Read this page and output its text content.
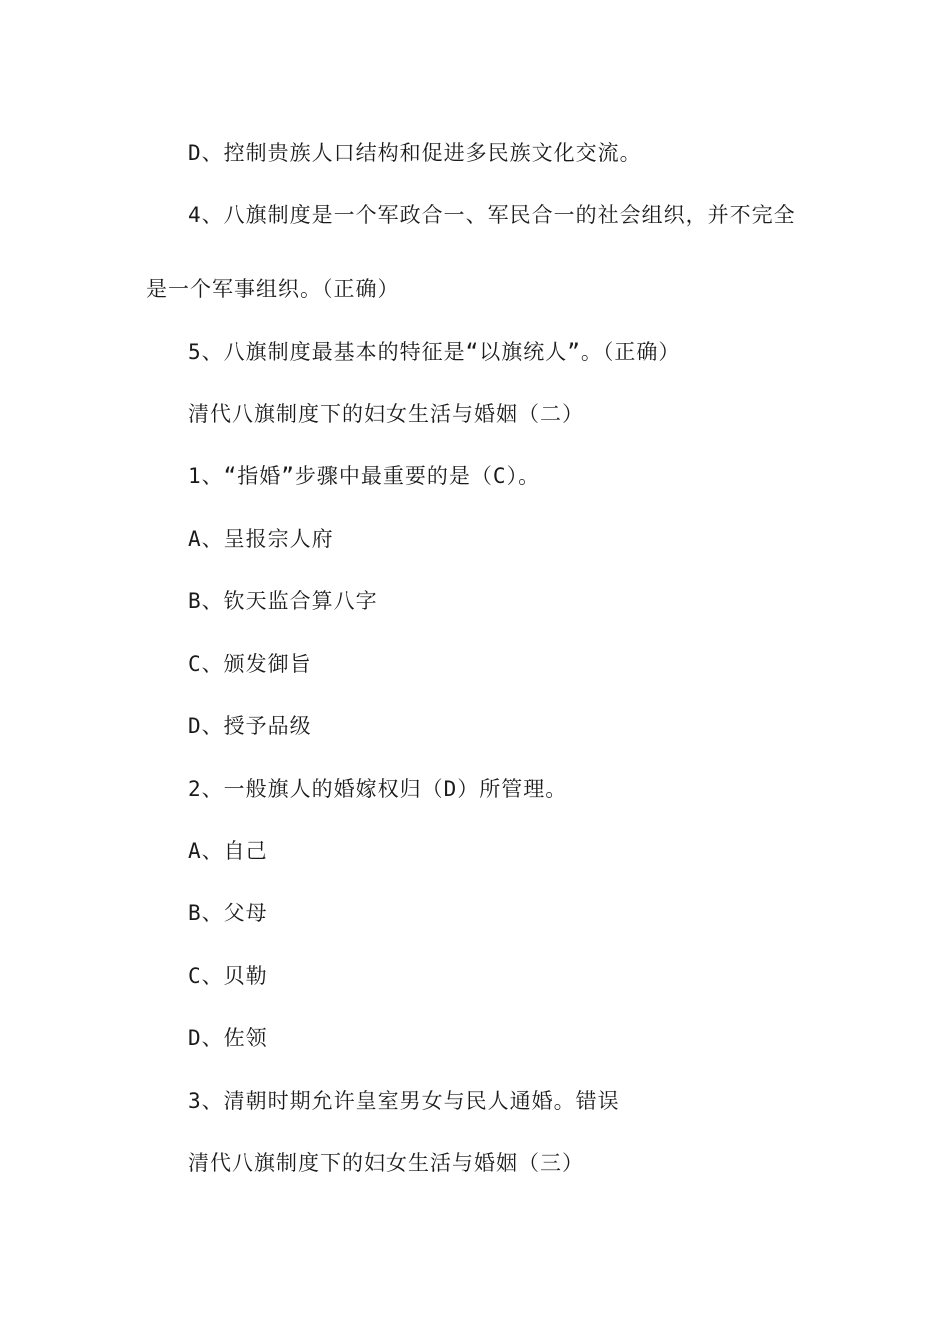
D、控制贵族人口结构和促进多民族文化交流。
4、八旗制度是一个军政合一、军民合一的社会组织，并不完全
是一个军事组织。（正确）
5、八旗制度最基本的特征是“以旗统人”。（正确）
清代八旗制度下的妇女生活与婚姻（二）
1、“指婚”步骤中最重要的是（C）。
A、呈报宗人府
B、钦天监合算八字
C、颁发御旨
D、授予品级
2、一般旗人的婚嫁权归（D）所管理。
A、自己
B、父母
C、贝勒
D、佐领
3、清朝时期允许皇室男女与民人通婚。错误
清代八旗制度下的妇女生活与婚姻（三）
